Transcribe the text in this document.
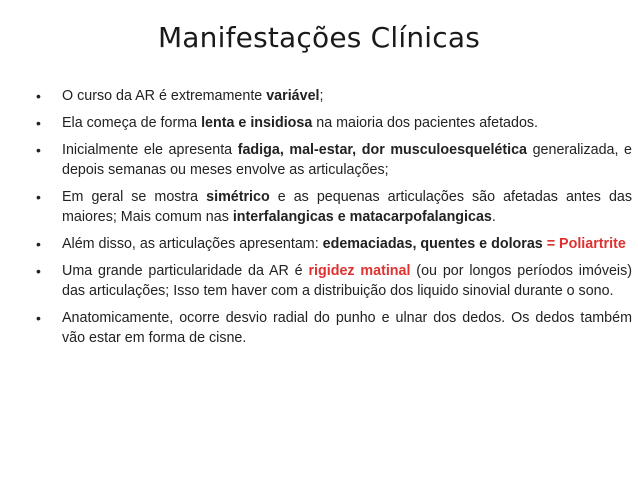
Manifestações Clínicas
• O curso da AR é extremamente variável;
• Ela começa de forma lenta e insidiosa na maioria dos pacientes afetados.
• Inicialmente ele apresenta fadiga, mal-estar, dor musculoesquelética generalizada, e depois semanas ou meses envolve as articulações;
• Em geral se mostra simétrico e as pequenas articulações são afetadas antes das maiores; Mais comum nas interfalangicas e matacarpofalangicas.
• Além disso, as articulações apresentam: edemaciadas, quentes e doloras = Poliartrite
• Uma grande particularidade da AR é rigidez matinal (ou por longos períodos imóveis) das articulações; Isso tem haver com a distribuição dos liquido sinovial durante o sono.
• Anatomicamente, ocorre desvio radial do punho e ulnar dos dedos. Os dedos também vão estar em forma de cisne.
